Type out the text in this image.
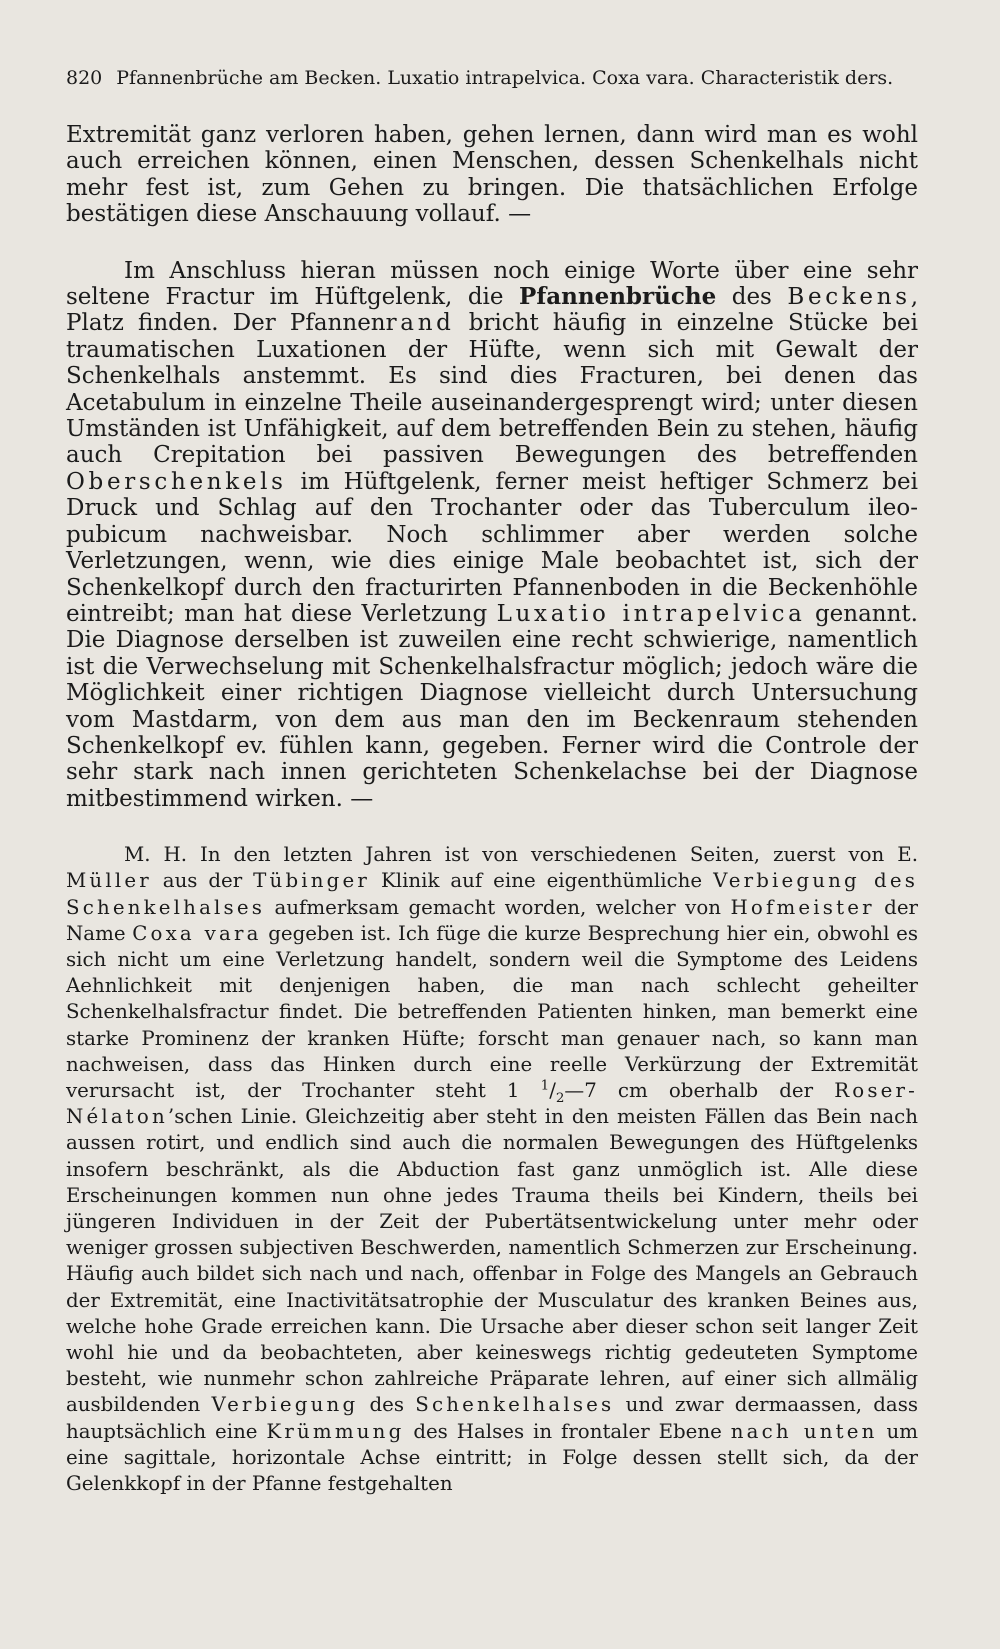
820 Pfannenbrüche am Becken. Luxatio intrapelvica. Coxa vara. Characteristik ders.

Extremität ganz verloren haben, gehen lernen, dann wird man es wohl auch erreichen können, einen Menschen, dessen Schenkelhals nicht mehr fest ist, zum Gehen zu bringen. Die thatsächlichen Erfolge bestätigen diese Anschauung vollauf. —

Im Anschluss hieran müssen noch einige Worte über eine sehr seltene Fractur im Hüftgelenk, die Pfannenbrüche des Beckens, Platz finden. Der Pfannenrand bricht häufig in einzelne Stücke bei traumatischen Luxationen der Hüfte, wenn sich mit Gewalt der Schenkelhals anstemmt. Es sind dies Fracturen, bei denen das Acetabulum in einzelne Theile auseinandergesprengt wird; unter diesen Umständen ist Unfähigkeit, auf dem betreffenden Bein zu stehen, häufig auch Crepitation bei passiven Bewegungen des betreffenden Oberschenkels im Hüftgelenk, ferner meist heftiger Schmerz bei Druck und Schlag auf den Trochanter oder das Tuberculum ileo-pubicum nachweisbar. Noch schlimmer aber werden solche Verletzungen, wenn, wie dies einige Male beobachtet ist, sich der Schenkelkopf durch den fracturirten Pfannenboden in die Beckenhöhle eintreibt; man hat diese Verletzung Luxatio intrapelvica genannt. Die Diagnose derselben ist zuweilen eine recht schwierige, namentlich ist die Verwechselung mit Schenkelhalsfractur möglich; jedoch wäre die Möglichkeit einer richtigen Diagnose vielleicht durch Untersuchung vom Mastdarm, von dem aus man den im Beckenraum stehenden Schenkelkopf ev. fühlen kann, gegeben. Ferner wird die Controle der sehr stark nach innen gerichteten Schenkelachse bei der Diagnose mitbestimmend wirken. —

M. H. In den letzten Jahren ist von verschiedenen Seiten, zuerst von E. Müller aus der Tübinger Klinik auf eine eigenthümliche Verbiegung des Schenkelhalses aufmerksam gemacht worden, welcher von Hofmeister der Name Coxa vara gegeben ist. Ich füge die kurze Besprechung hier ein, obwohl es sich nicht um eine Verletzung handelt, sondern weil die Symptome des Leidens Aehnlichkeit mit denjenigen haben, die man nach schlecht geheilter Schenkelhalsfractur findet. Die betreffenden Patienten hinken, man bemerkt eine starke Prominenz der kranken Hüfte; forscht man genauer nach, so kann man nachweisen, dass das Hinken durch eine reelle Verkürzung der Extremität verursacht ist, der Trochanter steht 1 $^1/_2—7$ cm oberhalb der Roser-Nélaton’schen Linie. Gleichzeitig aber steht in den meisten Fällen das Bein nach aussen rotirt, und endlich sind auch die normalen Bewegungen des Hüftgelenks insofern beschränkt, als die Abduction fast ganz unmöglich ist. Alle diese Erscheinungen kommen nun ohne jedes Trauma theils bei Kindern, theils bei jüngeren Individuen in der Zeit der Pubertätsentwickelung unter mehr oder weniger grossen subjectiven Beschwerden, namentlich Schmerzen zur Erscheinung. Häufig auch bildet sich nach und nach, offenbar in Folge des Mangels an Gebrauch der Extremität, eine Inactivitätsatrophie der Musculatur des kranken Beines aus, welche hohe Grade erreichen kann. Die Ursache aber dieser schon seit langer Zeit wohl hie und da beobachteten, aber keineswegs richtig gedeuteten Symptome besteht, wie nunmehr schon zahlreiche Präparate lehren, auf einer sich allmälig ausbildenden Verbiegung des Schenkelhalses und zwar dermaassen, dass hauptsächlich eine Krümmung des Halses in frontaler Ebene nach unten um eine sagittale, horizontale Achse eintritt; in Folge dessen stellt sich, da der Gelenkkopf in der Pfanne festgehalten
